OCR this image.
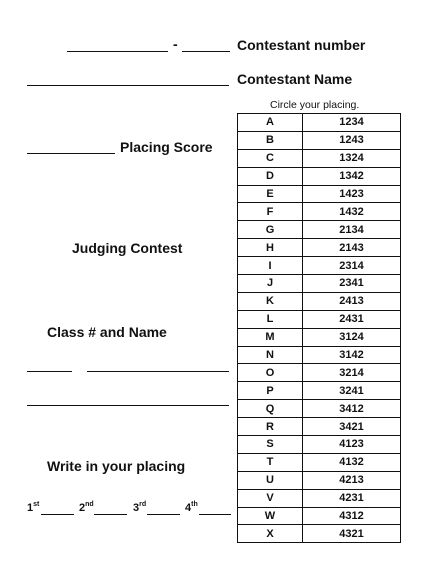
-	Contestant number
Contestant Name
Circle your placing.
Placing Score
Judging Contest
Class # and Name
Write in your placing
1st	2nd	3rd	4th
A	1234
B	1243
C	1324
D	1342
E	1423
F	1432
G	2134
H	2143
I	2314
J	2341
K	2413
L	2431
M	3124
N	3142
O	3214
P	3241
Q	3412
R	3421
S	4123
T	4132
U	4213
V	4231
W	4312
X	4321
